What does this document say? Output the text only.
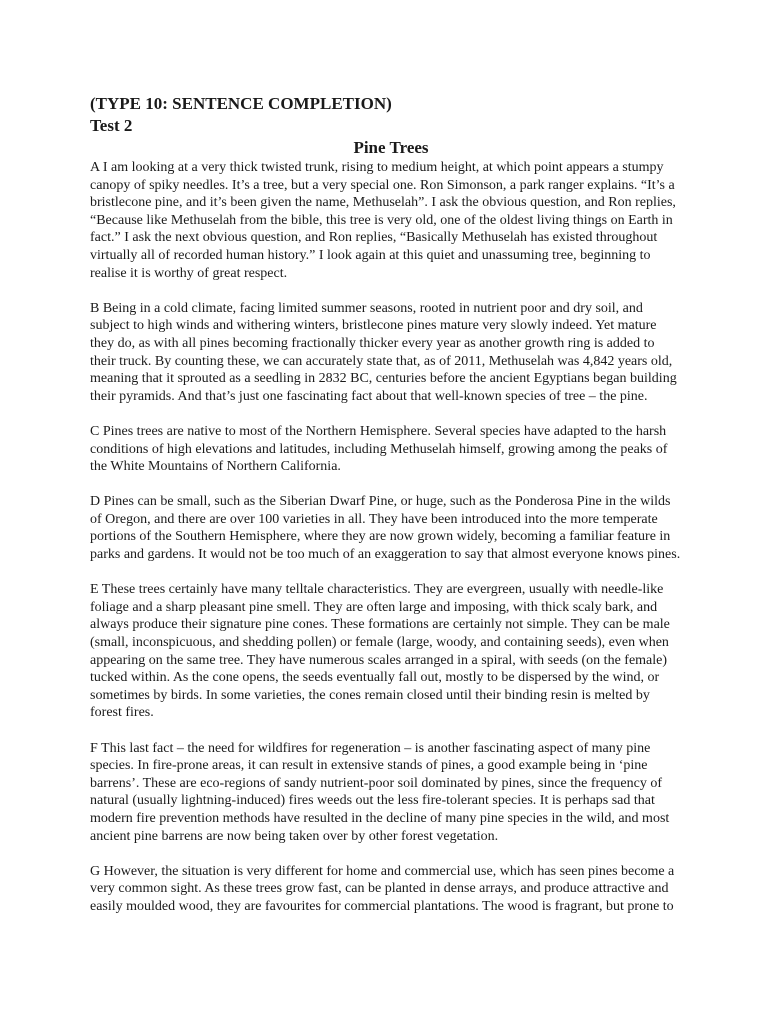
(TYPE 10: SENTENCE COMPLETION)

Test 2

Pine Trees

A I am looking at a very thick twisted trunk, rising to medium height, at which point appears a stumpy canopy of spiky needles. It’s a tree, but a very special one. Ron Simonson, a park ranger explains. “It’s a bristlecone pine, and it’s been given the name, Methuselah”. I ask the obvious question, and Ron replies, “Because like Methuselah from the bible, this tree is very old, one of the oldest living things on Earth in fact.” I ask the next obvious question, and Ron replies, “Basically Methuselah has existed throughout virtually all of recorded human history.” I look again at this quiet and unassuming tree, beginning to realise it is worthy of great respect.

B Being in a cold climate, facing limited summer seasons, rooted in nutrient poor and dry soil, and subject to high winds and withering winters, bristlecone pines mature very slowly indeed. Yet mature they do, as with all pines becoming fractionally thicker every year as another growth ring is added to their truck. By counting these, we can accurately state that, as of 2011, Methuselah was 4,842 years old, meaning that it sprouted as a seedling in 2832 BC, centuries before the ancient Egyptians began building their pyramids. And that’s just one fascinating fact about that well-known species of tree – the pine.

C Pines trees are native to most of the Northern Hemisphere. Several species have adapted to the harsh conditions of high elevations and latitudes, including Methuselah himself, growing among the peaks of the White Mountains of Northern California.

D Pines can be small, such as the Siberian Dwarf Pine, or huge, such as the Ponderosa Pine in the wilds of Oregon, and there are over 100 varieties in all. They have been introduced into the more temperate portions of the Southern Hemisphere, where they are now grown widely, becoming a familiar feature in parks and gardens. It would not be too much of an exaggeration to say that almost everyone knows pines.

E These trees certainly have many telltale characteristics. They are evergreen, usually with needle-like foliage and a sharp pleasant pine smell. They are often large and imposing, with thick scaly bark, and always produce their signature pine cones. These formations are certainly not simple. They can be male (small, inconspicuous, and shedding pollen) or female (large, woody, and containing seeds), even when appearing on the same tree. They have numerous scales arranged in a spiral, with seeds (on the female) tucked within. As the cone opens, the seeds eventually fall out, mostly to be dispersed by the wind, or sometimes by birds. In some varieties, the cones remain closed until their binding resin is melted by forest fires.

F This last fact – the need for wildfires for regeneration – is another fascinating aspect of many pine species. In fire-prone areas, it can result in extensive stands of pines, a good example being in ‘pine barrens’. These are eco-regions of sandy nutrient-poor soil dominated by pines, since the frequency of natural (usually lightning-induced) fires weeds out the less fire-tolerant species. It is perhaps sad that modern fire prevention methods have resulted in the decline of many pine species in the wild, and most ancient pine barrens are now being taken over by other forest vegetation.

G However, the situation is very different for home and commercial use, which has seen pines become a very common sight. As these trees grow fast, can be planted in dense arrays, and produce attractive and easily moulded wood, they are favourites for commercial plantations. The wood is fragrant, but prone to
